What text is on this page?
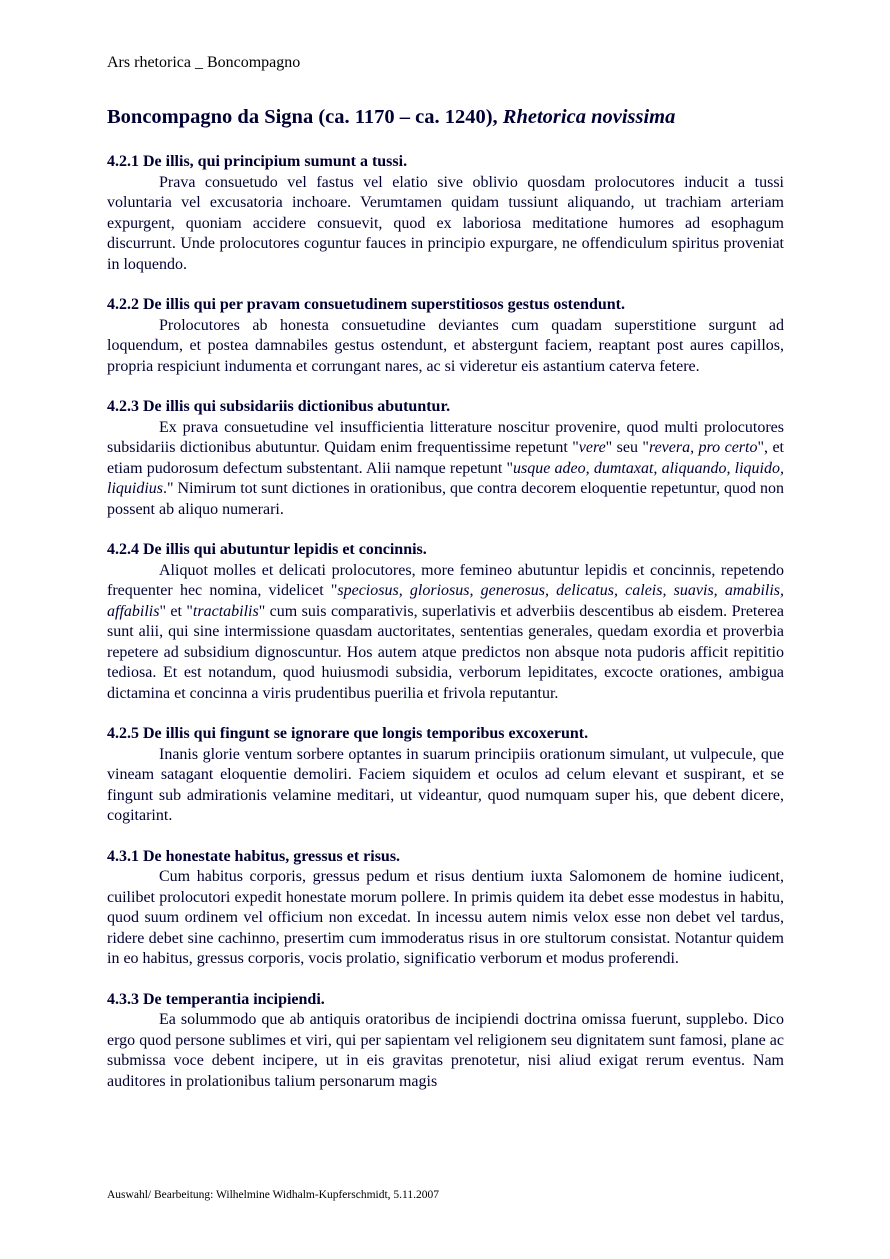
Ars rhetorica _ Boncompagno
Boncompagno da Signa (ca. 1170 – ca. 1240), Rhetorica novissima

4.2.1 De illis, qui principium sumunt a tussi.

Prava consuetudo vel fastus vel elatio sive oblivio quosdam prolocutores inducit a tussi voluntaria vel excusatoria inchoare. Verumtamen quidam tussiunt aliquando, ut trachiam arteriam expurgent, quoniam accidere consuevit, quod ex laboriosa meditatione humores ad esophagum discurrunt. Unde prolocutores coguntur fauces in principio expurgare, ne offendiculum spiritus proveniat in loquendo.

4.2.2 De illis qui per pravam consuetudinem superstitiosos gestus ostendunt.

Prolocutores ab honesta consuetudine deviantes cum quadam superstitione surgunt ad loquendum, et postea damnabiles gestus ostendunt, et abstergunt faciem, reaptant post aures capillos, propria respiciunt indumenta et corrungant nares, ac si videretur eis astantium caterva fetere.

4.2.3 De illis qui subsidariis dictionibus abutuntur.

Ex prava consuetudine vel insufficientia litterature noscitur provenire, quod multi prolocutores subsidariis dictionibus abutuntur. Quidam enim frequentissime repetunt "vere" seu "revera, pro certo", et etiam pudorosum defectum substentant. Alii namque repetunt "usque adeo, dumtaxat, aliquando, liquido, liquidius." Nimirum tot sunt dictiones in orationibus, que contra decorem eloquentie repetuntur, quod non possent ab aliquo numerari.

4.2.4 De illis qui abutuntur lepidis et concinnis.

Aliquot molles et delicati prolocutores, more femineo abutuntur lepidis et concinnis, repetendo frequenter hec nomina, videlicet "speciosus, gloriosus, generosus, delicatus, caleis, suavis, amabilis, affabilis" et "tractabilis" cum suis comparativis, superlativis et adverbiis descentibus ab eisdem. Preterea sunt alii, qui sine intermissione quasdam auctoritates, sententias generales, quedam exordia et proverbia repetere ad subsidium dignoscuntur. Hos autem atque predictos non absque nota pudoris afficit repititio tediosa. Et est notandum, quod huiusmodi subsidia, verborum lepiditates, excocte orationes, ambigua dictamina et concinna a viris prudentibus puerilia et frivola reputantur.

4.2.5 De illis qui fingunt se ignorare que longis temporibus excoxerunt.

Inanis glorie ventum sorbere optantes in suarum principiis orationum simulant, ut vulpecule, que vineam satagant eloquentie demoliri. Faciem siquidem et oculos ad celum elevant et suspirant, et se fingunt sub admirationis velamine meditari, ut videantur, quod numquam super his, que debent dicere, cogitarint.

4.3.1 De honestate habitus, gressus et risus.

Cum habitus corporis, gressus pedum et risus dentium iuxta Salomonem de homine iudicent, cuilibet prolocutori expedit honestate morum pollere. In primis quidem ita debet esse modestus in habitu, quod suum ordinem vel officium non excedat. In incessu autem nimis velox esse non debet vel tardus, ridere debet sine cachinno, presertim cum immoderatus risus in ore stultorum consistat. Notantur quidem in eo habitus, gressus corporis, vocis prolatio, significatio verborum et modus proferendi.

4.3.3 De temperantia incipiendi.

Ea solummodo que ab antiquis oratoribus de incipiendi doctrina omissa fuerunt, supplebo. Dico ergo quod persone sublimes et viri, qui per sapientam vel religionem seu dignitatem sunt famosi, plane ac submissa voce debent incipere, ut in eis gravitas prenotetur, nisi aliud exigat rerum eventus. Nam auditores in prolationibus talium personarum magis

Auswahl/ Bearbeitung: Wilhelmine Widhalm-Kupferschmidt, 5.11.2007
